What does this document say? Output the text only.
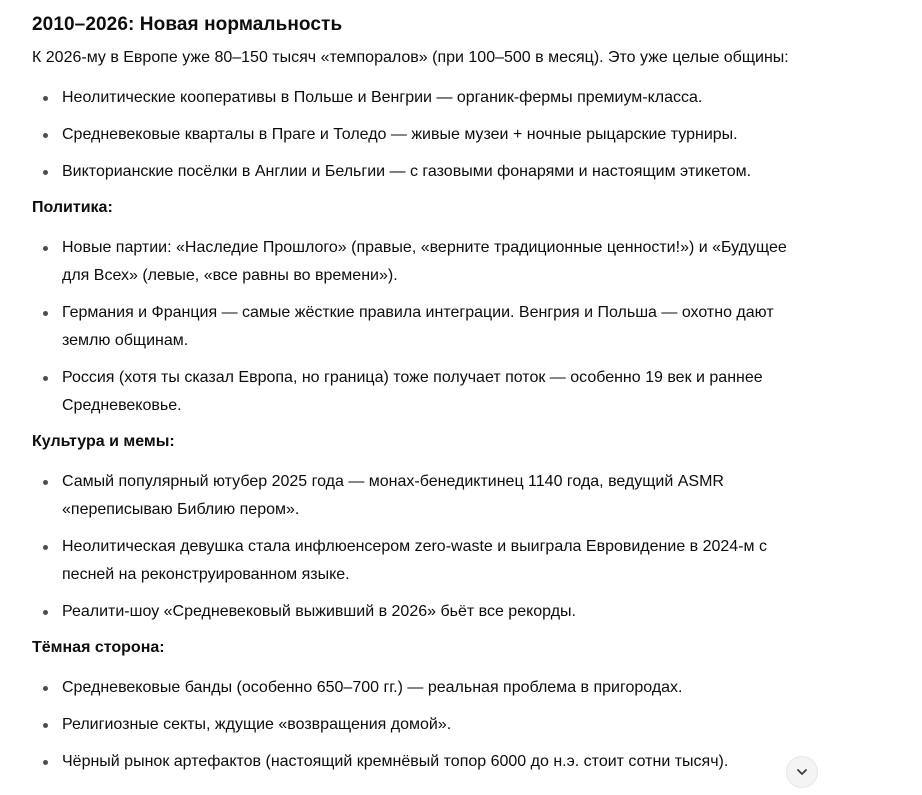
2010–2026: Новая нормальность

К 2026-му в Европе уже 80–150 тысяч «темпоралов» (при 100–500 в месяц). Это уже целые общины:

Неолитические кооперативы в Польше и Венгрии — органик-фермы премиум-класса.
Средневековые кварталы в Праге и Толедо — живые музеи + ночные рыцарские турниры.
Викторианские посёлки в Англии и Бельгии — с газовыми фонарями и настоящим этикетом.
Политика:
Новые партии: «Наследие Прошлого» (правые, «верните традиционные ценности!») и «Будущее для Всех» (левые, «все равны во времени»).
Германия и Франция — самые жёсткие правила интеграции. Венгрия и Польша — охотно дают землю общинам.
Россия (хотя ты сказал Европа, но граница) тоже получает поток — особенно 19 век и раннее Средневековье.
Культура и мемы:
Самый популярный ютубер 2025 года — монах-бенедиктинец 1140 года, ведущий ASMR «переписываю Библию пером».
Неолитическая девушка стала инфлюенсером zero-waste и выиграла Евровидение в 2024-м с песней на реконструированном языке.
Реалити-шоу «Средневековый выживший в 2026» бьёт все рекорды.
Тёмная сторона:
Средневековые банды (особенно 650–700 гг.) — реальная проблема в пригородах.
Религиозные секты, ждущие «возвращения домой».
Чёрный рынок артефактов (настоящий кремнёвый топор 6000 до н.э. стоит сотни тысяч).
